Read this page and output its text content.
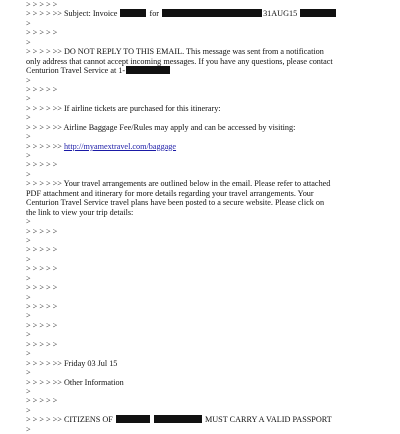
> > > > >
> > > > >> Subject: Invoice	for	31AUG15
>
> > > > >
>
> > > > >> DO NOT REPLY TO THIS EMAIL. This message was sent from a notification
only address that cannot accept incoming messages. If you have any questions, please contact
Centurion Travel Service at 1-
>
> > > > >
>
> > > > >> If airline tickets are purchased for this itinerary:
>
> > > > >> Airline Baggage Fee/Rules may apply and can be accessed by visiting:
>
> > > > >> http://myamextravel.com/baggage
>
> > > > >
>
> > > > >> Your travel arrangements are outlined below in the email. Please refer to attached
PDF attachment and itinerary for more details regarding your travel arrangements. Your
Centurion Travel Service travel plans have been posted to a secure website. Please click on
the link to view your trip details:
>
> > > > >
>
> > > > >
>
> > > > >
>
> > > > >
>
> > > > >
>
> > > > >
>
> > > > >
>
> > > > >> Friday 03 Jul 15
>
> > > > >> Other Information
>
> > > > >
>
> > > > >> CITIZENS OF	MUST CARRY A VALID PASSPORT
>
